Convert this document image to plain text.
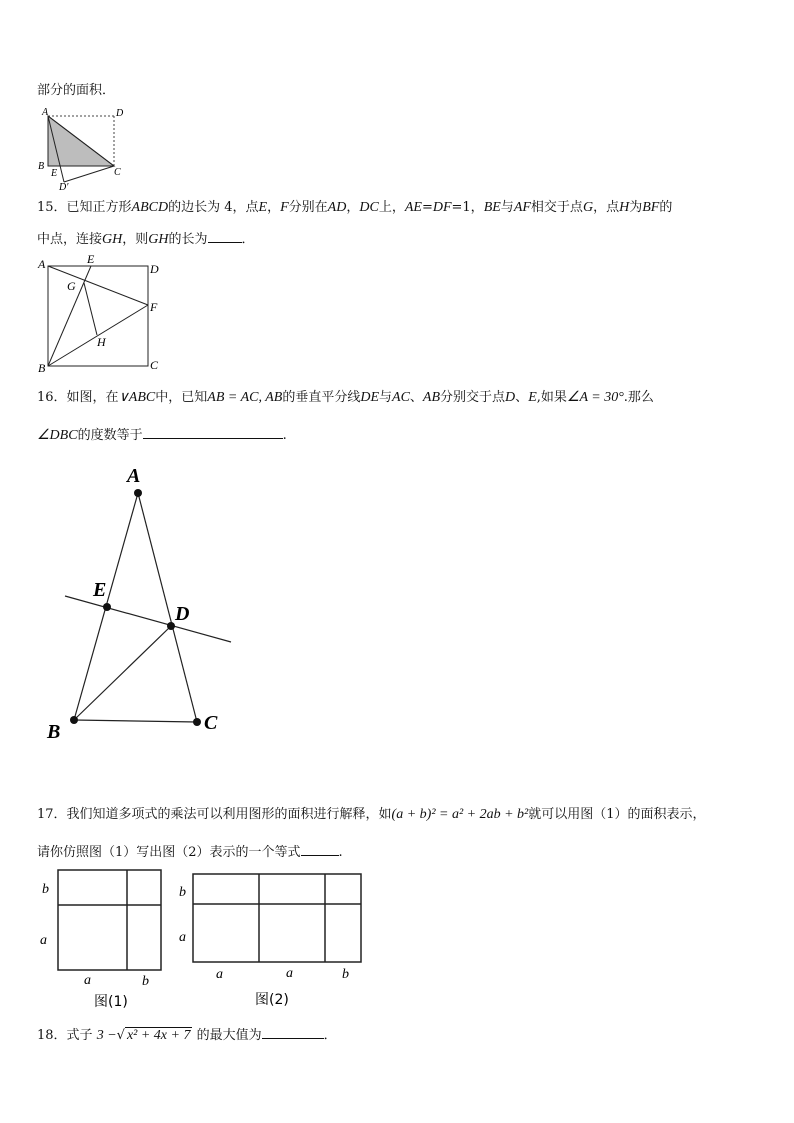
部分的面积．
A	D
B
C
E
D′
15．已知正方形ABCD的边长为 4，点E，F分别在AD，DC上，AE=DF=1，BE与AF相交于点G，点H为BF的
中点，连接GH，则GH的长为	．
A	E
D
G
F
H
B	C
16．如图，在∨ABC中，已知AB = AC, AB的垂直平分线DE与AC、AB分别交于点D、E,如果∠A = 30°.那么
∠DBC的度数等于	.
A
E
D
B	C
17．我们知道多项式的乘法可以利用图形的面积进行解释，如(a + b)² = a² + 2ab + b²就可以用图（1）的面积表示，
请你仿照图（1）写出图（2）表示的一个等式	.
b
a
a	b
图(1)
b
a
a	a	b
图(2)
18．式子 3 −√ x² + 4x + 7 的最大值为	．
